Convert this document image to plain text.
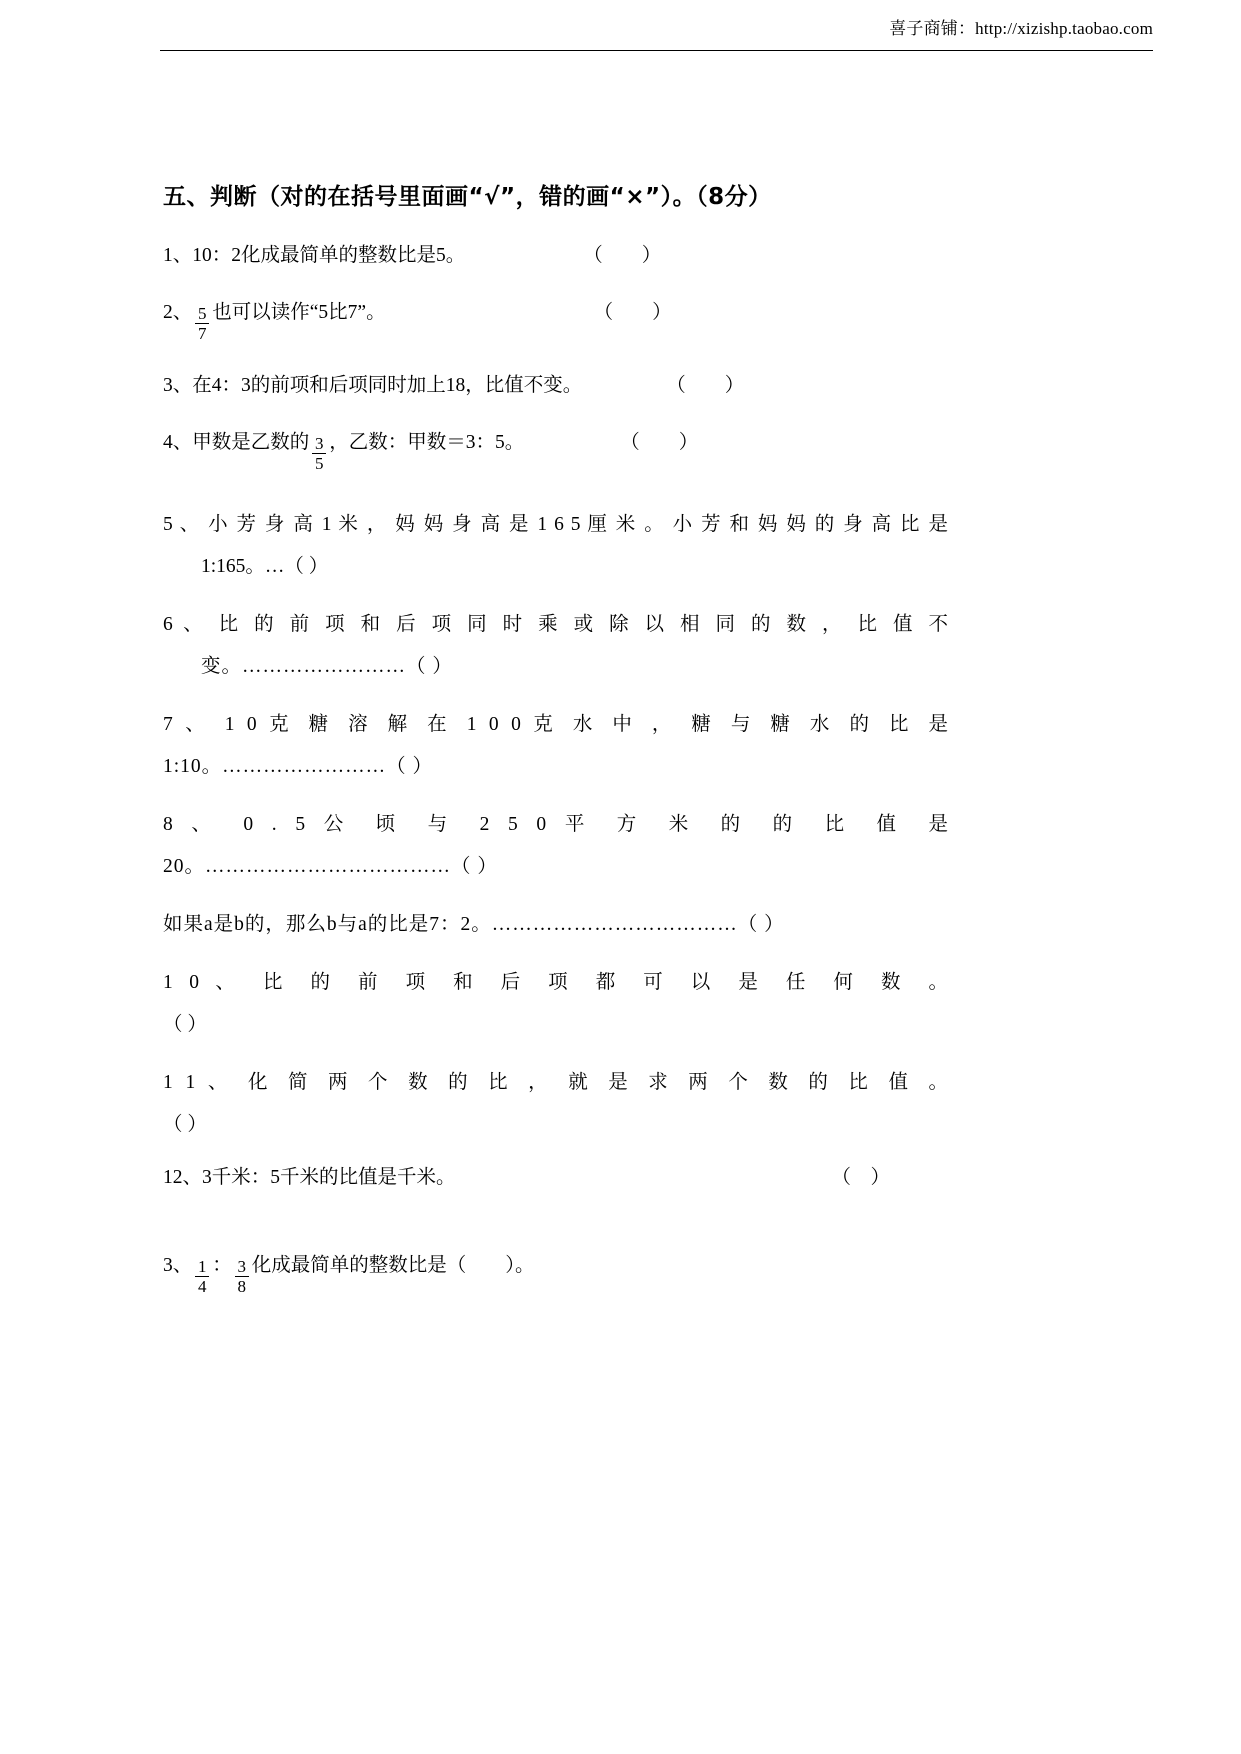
喜子商铺：http://xizishp.taobao.com
五、判断（对的在括号里面画“√”，错的画“×”）。（8分）
1、 10：2化成最简单的整数比是5。	（        ）
2、 $\frac{5}{7}$ 也可以读作“5比7”。	（        ）
3、 在4：3的前项和后项同时加上18，比值不变。	（        ）
4、 甲数是乙数的 $\frac{3}{5}$ ，乙数：甲数＝3：5。	（        ）
5 、 小 芳 身 高 1 米 ， 妈 妈 身 高 是 1 6 5 厘 米 。 小 芳 和 妈 妈 的 身 高 比 是
1:165。…（ ）
6 、 比 的 前 项 和 后 项 同 时 乘 或 除 以 相 同 的 数 ， 比 值 不
变。……………………（ ）
7 、 1 0 克 糖 溶 解 在 1 0 0 克 水 中 ， 糖 与 糖 水 的 比 是
1:10。……………………（ ）
8 、 0 . 5 公 顷 与 2 5 0 平 方 米 的 的 比 值 是
20。………………………………（ ）
如果a是b的，那么b与a的比是7：2。………………………………（ ）
1 0 、 比 的 前 项 和 后 项 都 可 以 是 任 何 数 。
（ ）
1 1 、 化 简 两 个 数 的 比 ， 就 是 求 两 个 数 的 比 值 。
（ ）
12、 3千米：5千米的比值是千米。	（    ）
3、 $\frac{1}{4}$ ： $\frac{3}{8}$ 化成最简单的整数比是（        ）。
